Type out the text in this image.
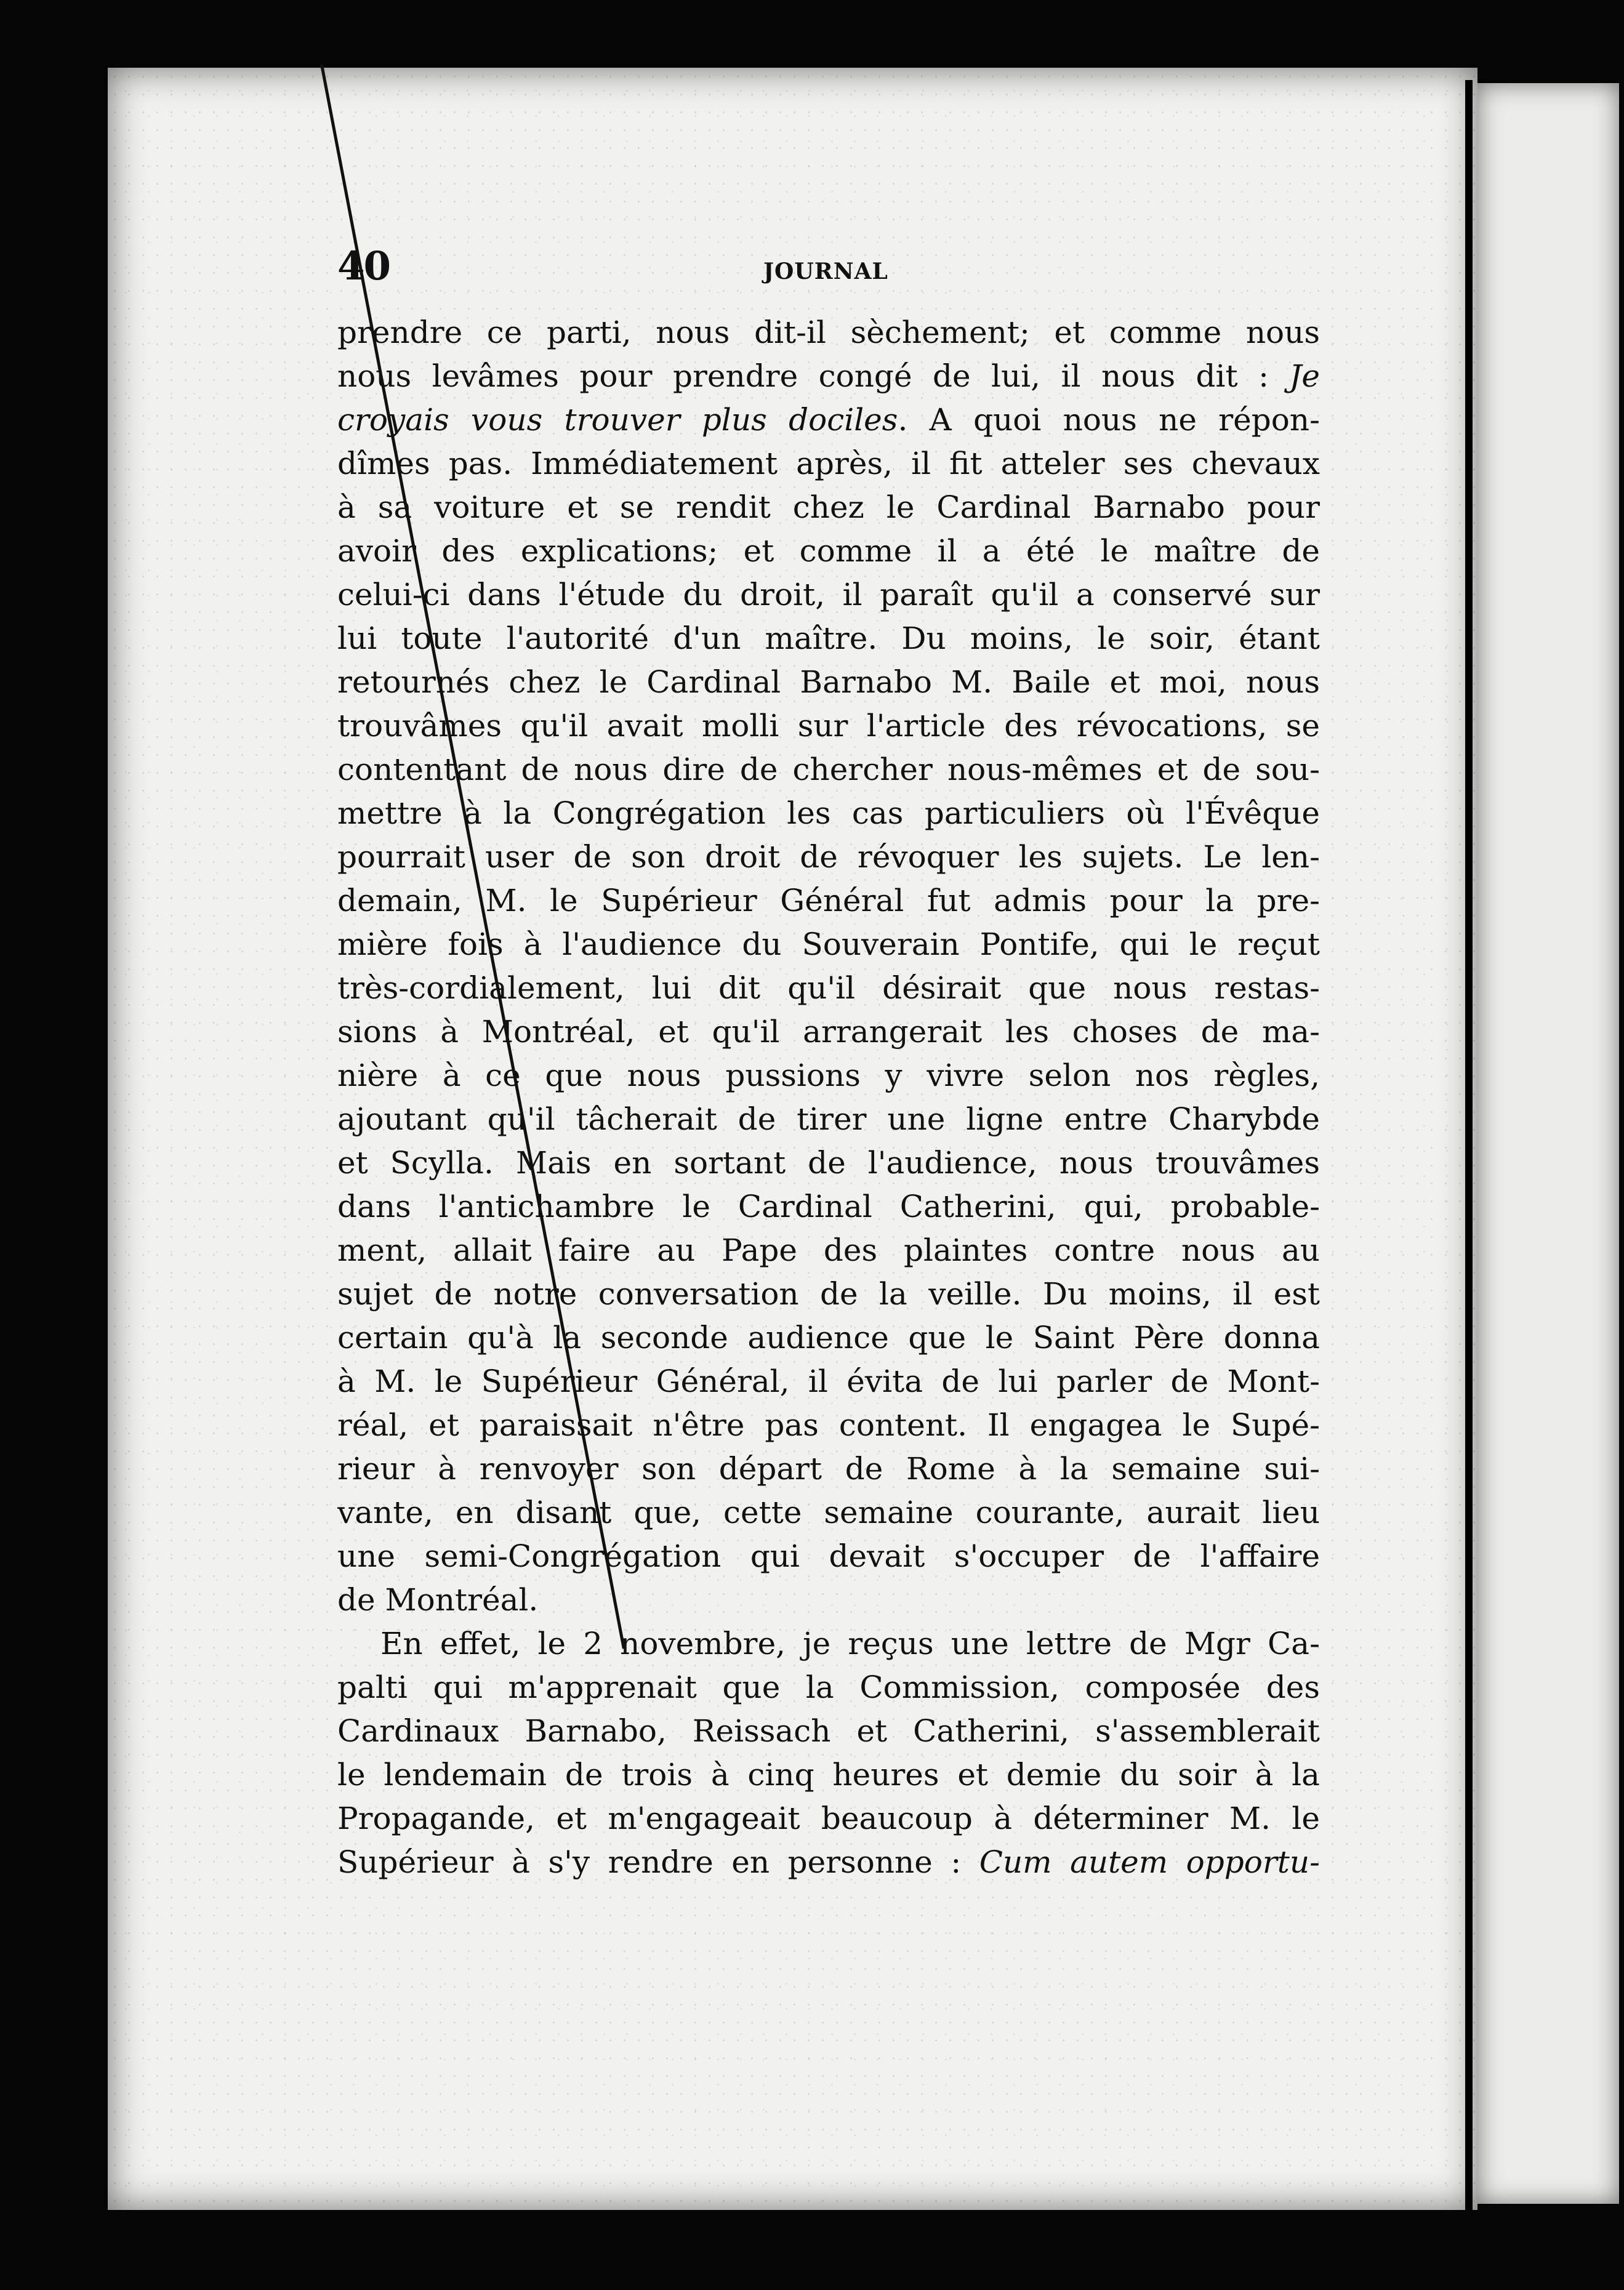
40	JOURNAL
prendre ce parti, nous dit-il sèchement; et comme nous
nous levâmes pour prendre congé de lui, il nous dit : Je
croyais vous trouver plus dociles. A quoi nous ne répon-
dîmes pas. Immédiatement après, il fit atteler ses chevaux
à sa voiture et se rendit chez le Cardinal Barnabo pour
avoir des explications; et comme il a été le maître de
celui-ci dans l'étude du droit, il paraît qu'il a conservé sur
lui toute l'autorité d'un maître. Du moins, le soir, étant
retournés chez le Cardinal Barnabo M. Baile et moi, nous
trouvâmes qu'il avait molli sur l'article des révocations, se
contentant de nous dire de chercher nous-mêmes et de sou-
mettre à la Congrégation les cas particuliers où l'Évêque
pourrait user de son droit de révoquer les sujets. Le len-
demain, M. le Supérieur Général fut admis pour la pre-
mière fois à l'audience du Souverain Pontife, qui le reçut
très-cordialement, lui dit qu'il désirait que nous restas-
sions à Montréal, et qu'il arrangerait les choses de ma-
nière à ce que nous pussions y vivre selon nos règles,
ajoutant qu'il tâcherait de tirer une ligne entre Charybde
et Scylla. Mais en sortant de l'audience, nous trouvâmes
dans l'antichambre le Cardinal Catherini, qui, probable-
ment, allait faire au Pape des plaintes contre nous au
sujet de notre conversation de la veille. Du moins, il est
certain qu'à la seconde audience que le Saint Père donna
à M. le Supérieur Général, il évita de lui parler de Mont-
réal, et paraissait n'être pas content. Il engagea le Supé-
rieur à renvoyer son départ de Rome à la semaine sui-
vante, en disant que, cette semaine courante, aurait lieu
une semi-Congrégation qui devait s'occuper de l'affaire
de Montréal.
En effet, le 2 novembre, je reçus une lettre de Mgr Ca-
palti qui m'apprenait que la Commission, composée des
Cardinaux Barnabo, Reissach et Catherini, s'assemblerait
le lendemain de trois à cinq heures et demie du soir à la
Propagande, et m'engageait beaucoup à déterminer M. le
Supérieur à s'y rendre en personne : Cum autem opportu-
